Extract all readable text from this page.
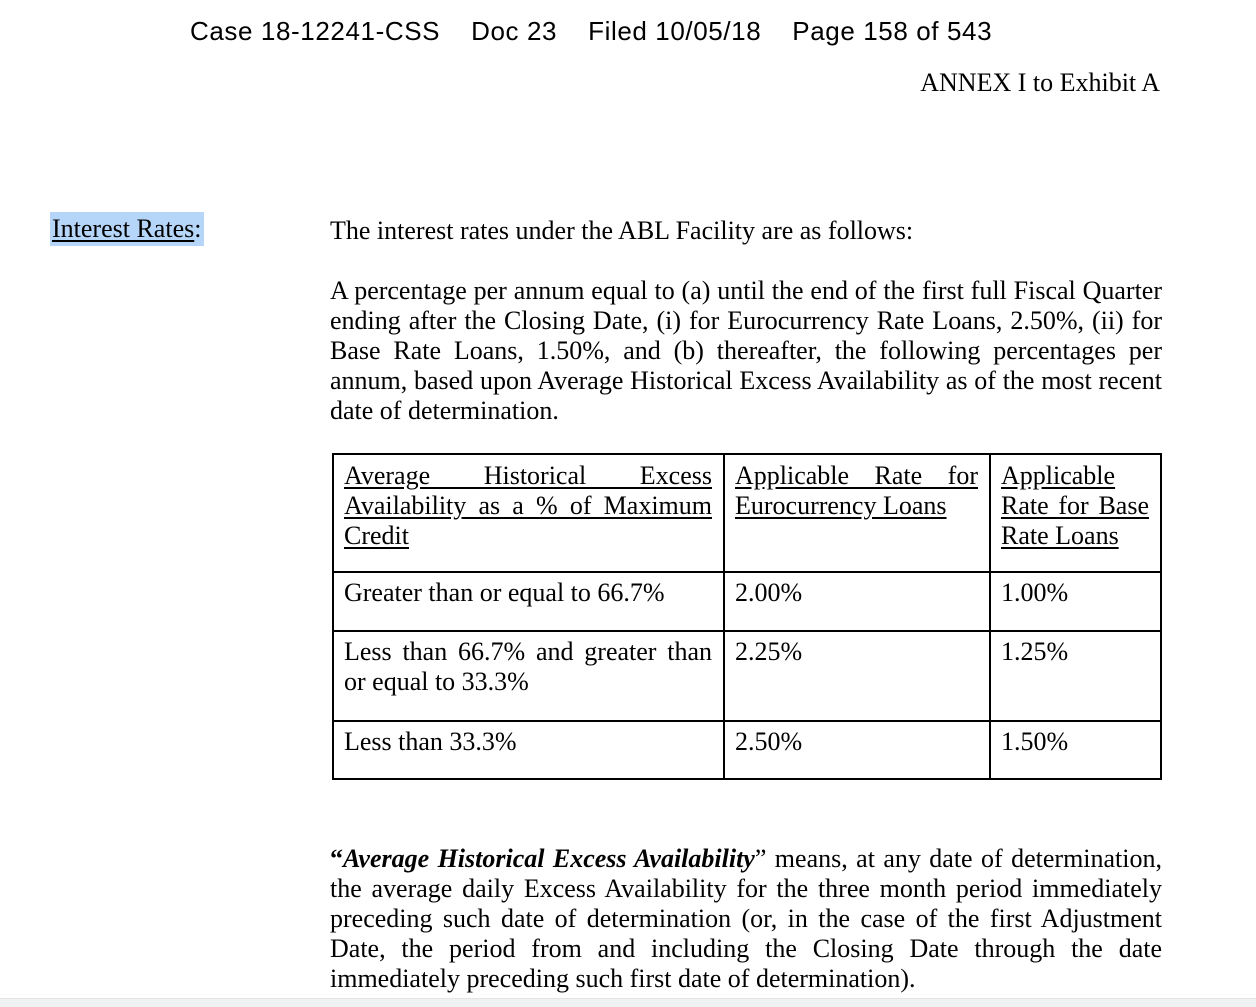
Case 18-12241-CSS Doc 23 Filed 10/05/18 Page 158 of 543
ANNEX I to Exhibit A
Interest Rates:	The interest rates under the ABL Facility are as follows:

A percentage per annum equal to (a) until the end of the first full Fiscal Quarter ending after the Closing Date, (i) for Eurocurrency Rate Loans, 2.50%, (ii) for Base Rate Loans, 1.50%, and (b) thereafter, the following percentages per annum, based upon Average Historical Excess Availability as of the most recent date of determination.

Average Historical Excess Availability as a % of Maximum Credit	Applicable Rate for Eurocurrency Loans	Applicable Rate for Base Rate Loans
Greater than or equal to 66.7%	2.00%	1.00%
Less than 66.7% and greater than or equal to 33.3%	2.25%	1.25%
Less than 33.3%	2.50%	1.50%

“Average Historical Excess Availability” means, at any date of determination, the average daily Excess Availability for the three month period immediately preceding such date of determination (or, in the case of the first Adjustment Date, the period from and including the Closing Date through the date immediately preceding such first date of determination).
